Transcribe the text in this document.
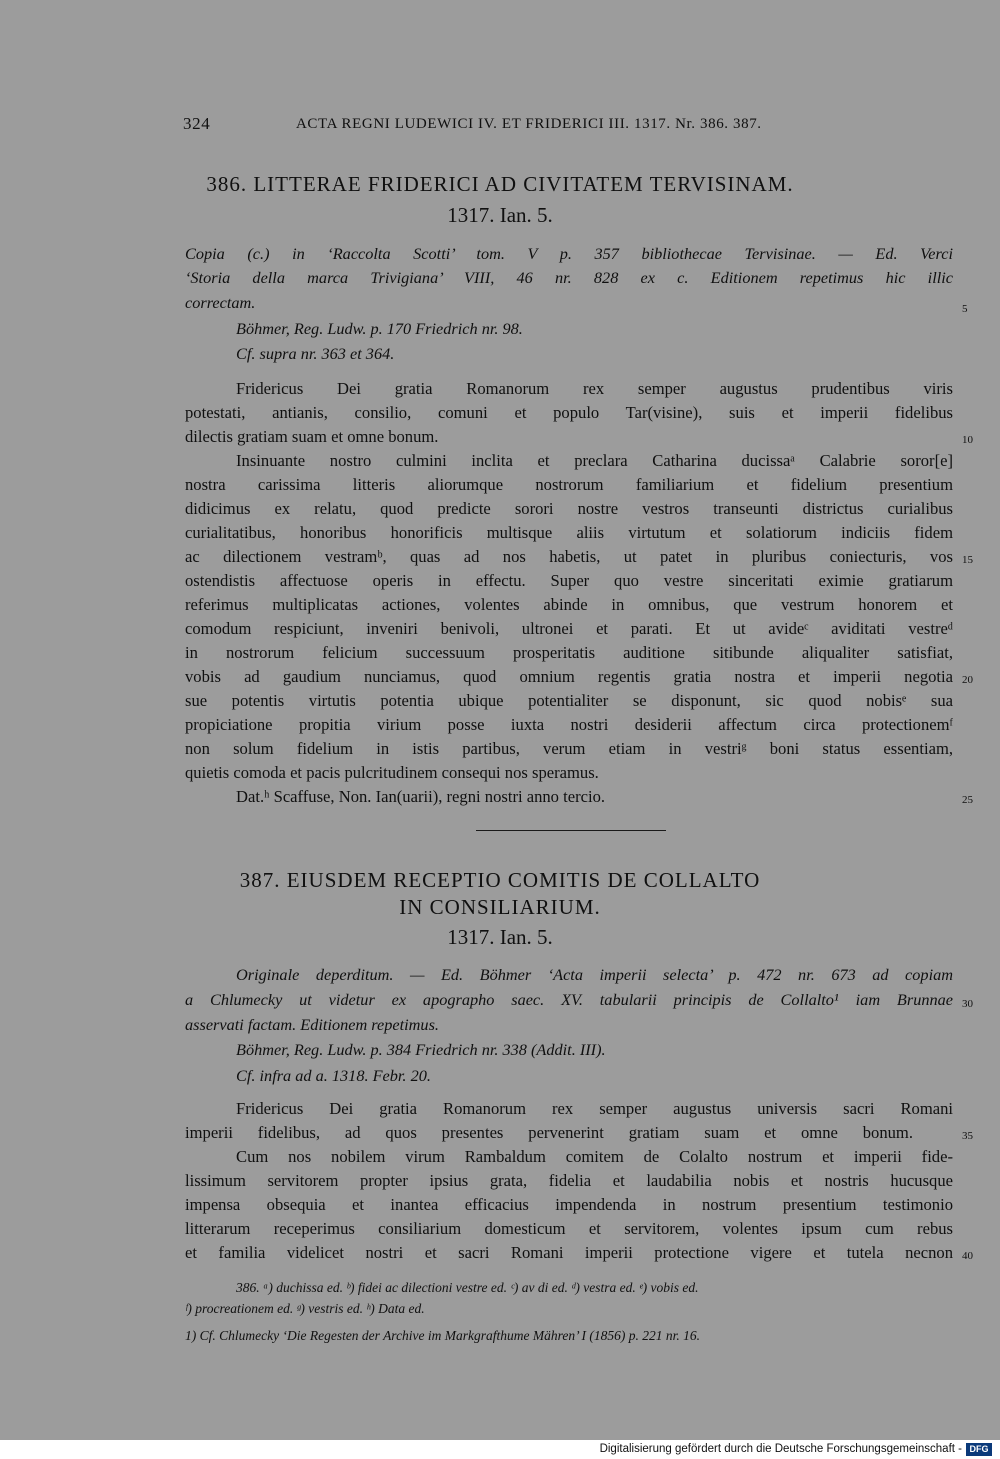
324	ACTA REGNI LUDEWICI IV. ET FRIDERICI III. 1317. Nr. 386. 387.
386. LITTERAE FRIDERICI AD CIVITATEM TERVISINAM.
1317. Ian. 5.
Copia (c.) in ‘Raccolta Scotti’ tom. V p. 357 bibliothecae Tervisinae. — Ed. Verci
‘Storia della marca Trivigiana’ VIII, 46 nr. 828 ex c. Editionem repetimus hic illic
correctam.
Böhmer, Reg. Ludw. p. 170 Friedrich nr. 98.
Cf. supra nr. 363 et 364.
Fridericus Dei gratia Romanorum rex semper augustus prudentibus viris
potestati, antianis, consilio, comuni et populo Tar(visine), suis et imperii fidelibus
dilectis gratiam suam et omne bonum.
Insinuante nostro culmini inclita et preclara Catharina ducissaᵃ Calabrie soror[e]
nostra carissima litteris aliorumque nostrorum familiarium et fidelium presentium
didicimus ex relatu, quod predicte sorori nostre vestros transeunti districtus curialibus
curialitatibus, honoribus honorificis multisque aliis virtutum et solatiorum indiciis fidem
ac dilectionem vestramᵇ, quas ad nos habetis, ut patet in pluribus coniecturis, vos
ostendistis affectuose operis in effectu. Super quo vestre sinceritati eximie gratiarum
referimus multiplicatas actiones, volentes abinde in omnibus, que vestrum honorem et
comodum respiciunt, inveniri benivoli, ultronei et parati. Et ut avideᶜ aviditati vestreᵈ
in nostrorum felicium successuum prosperitatis auditione sitibunde aliqualiter satisfiat,
vobis ad gaudium nunciamus, quod omnium regentis gratia nostra et imperii negotia
sue potentis virtutis potentia ubique potentialiter se disponunt, sic quod nobisᵉ sua
propiciatione propitia virium posse iuxta nostri desiderii affectum circa protectionemᶠ
non solum fidelium in istis partibus, verum etiam in vestriᵍ boni status essentiam,
quietis comoda et pacis pulcritudinem consequi nos speramus.
Dat.ʰ Scaffuse, Non. Ian(uarii), regni nostri anno tercio.
387. EIUSDEM RECEPTIO COMITIS DE COLLALTO
IN CONSILIARIUM.
1317. Ian. 5.
Originale deperditum. — Ed. Böhmer ‘Acta imperii selecta’ p. 472 nr. 673 ad copiam
a Chlumecky ut videtur ex apographo saec. XV. tabularii principis de Collalto¹ iam Brunnae
asservati factam. Editionem repetimus.
Böhmer, Reg. Ludw. p. 384 Friedrich nr. 338 (Addit. III).
Cf. infra ad a. 1318. Febr. 20.
Fridericus Dei gratia Romanorum rex semper augustus universis sacri Romani
imperii fidelibus, ad quos presentes pervenerint gratiam suam et omne bonum.
Cum nos nobilem virum Rambaldum comitem de Colalto nostrum et imperii fide-
lissimum servitorem propter ipsius grata, fidelia et laudabilia nobis et nostris hucusque
impensa obsequia et inantea efficacius impendenda in nostrum presentium testimonio
litterarum receperimus consiliarium domesticum et servitorem, volentes ipsum cum rebus
et familia videlicet nostri et sacri Romani imperii protectione vigere et tutela necnon
5
10
15
20
25
30
35
40
386. ᵃ) duchissa ed. ᵇ) fidei ac dilectioni vestre ed. ᶜ) av di ed. ᵈ) vestra ed. ᵉ) vobis ed.
ᶠ) procreationem ed. ᵍ) vestris ed. ʰ) Data ed.
1) Cf. Chlumecky ‘Die Regesten der Archive im Markgrafthume Mähren’ I (1856) p. 221 nr. 16.
Digitalisierung gefördert durch die Deutsche Forschungsgemeinschaft - DFG
